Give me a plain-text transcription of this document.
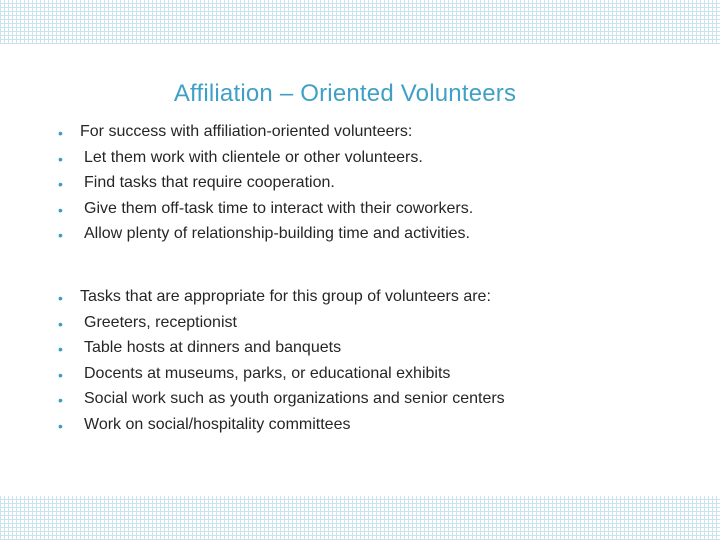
Affiliation – Oriented Volunteers
• For success with affiliation-oriented volunteers:
• Let them work with clientele or other volunteers.
• Find tasks that require cooperation.
• Give them off-task time to interact with their coworkers.
• Allow plenty of relationship-building time and activities.
• Tasks that are appropriate for this group of volunteers are:
• Greeters, receptionist
• Table hosts at dinners and banquets
• Docents at museums, parks, or educational exhibits
• Social work such as youth organizations and senior centers
• Work on social/hospitality committees
